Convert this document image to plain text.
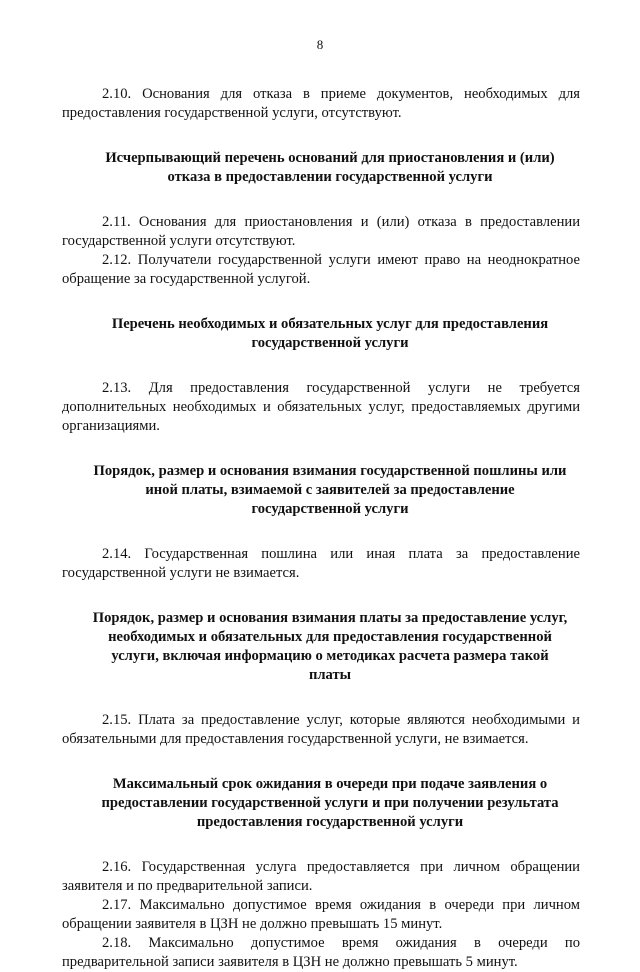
8

2.10. Основания для отказа в приеме документов, необходимых для предоставления государственной услуги, отсутствуют.

Исчерпывающий перечень оснований для приостановления и (или) отказа в предоставлении государственной услуги

2.11. Основания для приостановления и (или) отказа в предоставлении государственной услуги отсутствуют.

2.12. Получатели государственной услуги имеют право на неоднократное обращение за государственной услугой.

Перечень необходимых и обязательных услуг для предоставления государственной услуги

2.13. Для предоставления государственной услуги не требуется дополнительных необходимых и обязательных услуг, предоставляемых другими организациями.

Порядок, размер и основания взимания государственной пошлины или иной платы, взимаемой с заявителей за предоставление государственной услуги

2.14. Государственная пошлина или иная плата за предоставление государственной услуги не взимается.

Порядок, размер и основания взимания платы за предоставление услуг, необходимых и обязательных для предоставления государственной услуги, включая информацию о методиках расчета размера такой платы

2.15. Плата за предоставление услуг, которые являются необходимыми и обязательными для предоставления государственной услуги, не взимается.

Максимальный срок ожидания в очереди при подаче заявления о предоставлении государственной услуги и при получении результата предоставления государственной услуги

2.16. Государственная услуга предоставляется при личном обращении заявителя и по предварительной записи.

2.17. Максимально допустимое время ожидания в очереди при личном обращении заявителя в ЦЗН не должно превышать 15 минут.

2.18. Максимально допустимое время ожидания в очереди по предварительной записи заявителя в ЦЗН не должно превышать 5 минут.
